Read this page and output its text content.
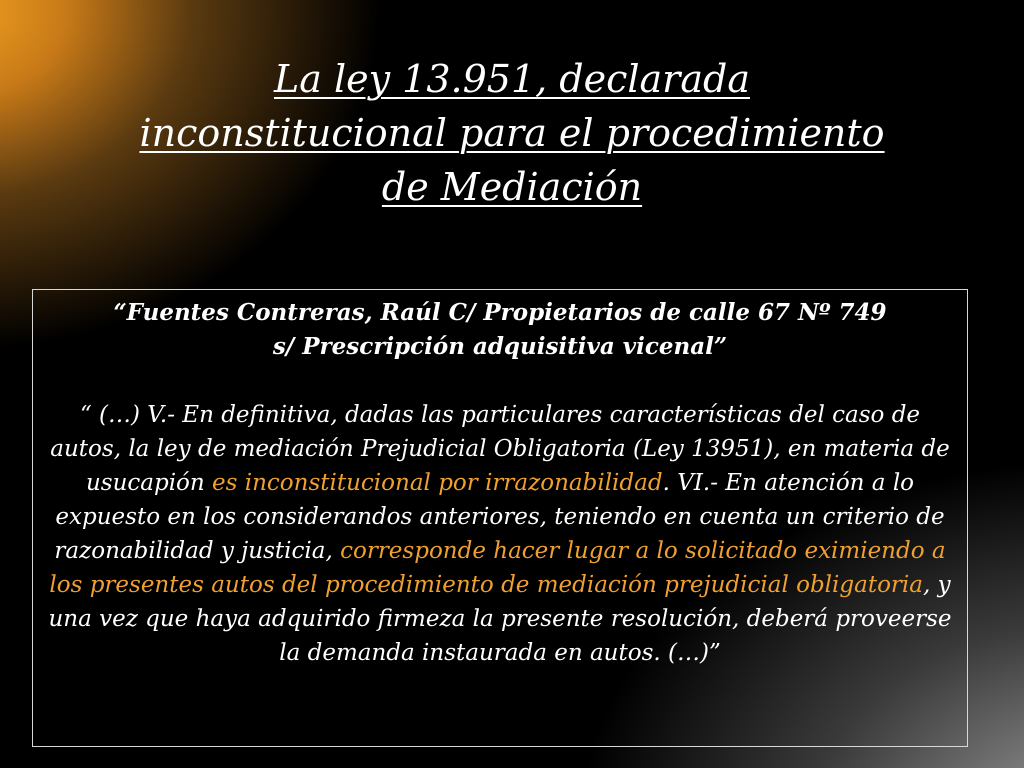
La ley 13.951, declarada
inconstitucional para el procedimiento
de Mediación

“Fuentes Contreras, Raúl C/ Propietarios de calle 67 Nº 749
s/ Prescripción adquisitiva vicenal”

“ (…) V.- En definitiva, dadas las particulares características del caso de autos, la ley de mediación Prejudicial Obligatoria (Ley 13951), en materia de usucapión es inconstitucional por irrazonabilidad. VI.- En atención a lo expuesto en los considerandos anteriores, teniendo en cuenta un criterio de razonabilidad y justicia, corresponde hacer lugar a lo solicitado eximiendo a los presentes autos del procedimiento de mediación prejudicial obligatoria, y una vez que haya adquirido firmeza la presente resolución, deberá proveerse la demanda instaurada en autos. (…)”
